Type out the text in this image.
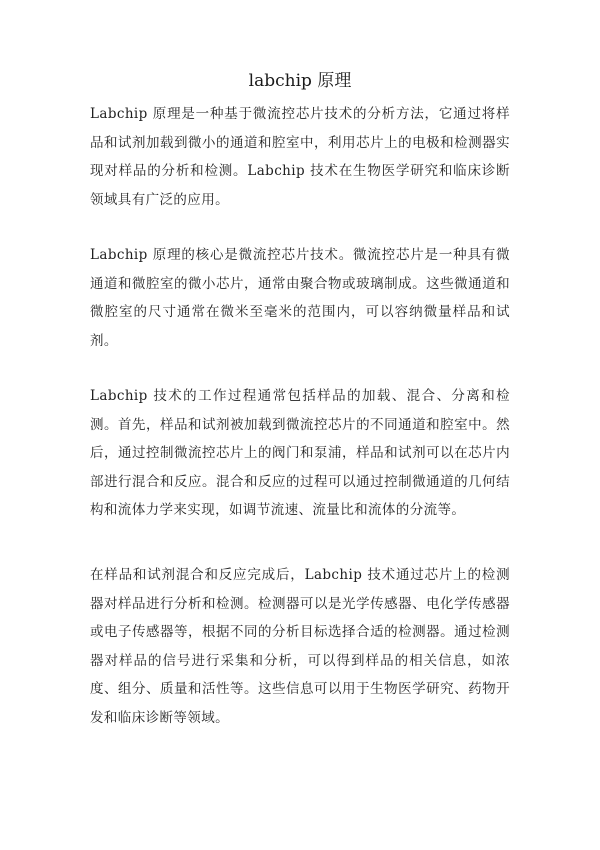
labchip 原理

Labchip 原理是一种基于微流控芯片技术的分析方法，它通过将样品和试剂加载到微小的通道和腔室中，利用芯片上的电极和检测器实现对样品的分析和检测。Labchip 技术在生物医学研究和临床诊断领域具有广泛的应用。

Labchip 原理的核心是微流控芯片技术。微流控芯片是一种具有微通道和微腔室的微小芯片，通常由聚合物或玻璃制成。这些微通道和微腔室的尺寸通常在微米至毫米的范围内，可以容纳微量样品和试剂。

Labchip 技术的工作过程通常包括样品的加载、混合、分离和检测。首先，样品和试剂被加载到微流控芯片的不同通道和腔室中。然后，通过控制微流控芯片上的阀门和泵浦，样品和试剂可以在芯片内部进行混合和反应。混合和反应的过程可以通过控制微通道的几何结构和流体力学来实现，如调节流速、流量比和流体的分流等。

在样品和试剂混合和反应完成后，Labchip 技术通过芯片上的检测器对样品进行分析和检测。检测器可以是光学传感器、电化学传感器或电子传感器等，根据不同的分析目标选择合适的检测器。通过检测器对样品的信号进行采集和分析，可以得到样品的相关信息，如浓度、组分、质量和活性等。这些信息可以用于生物医学研究、药物开发和临床诊断等领域。
